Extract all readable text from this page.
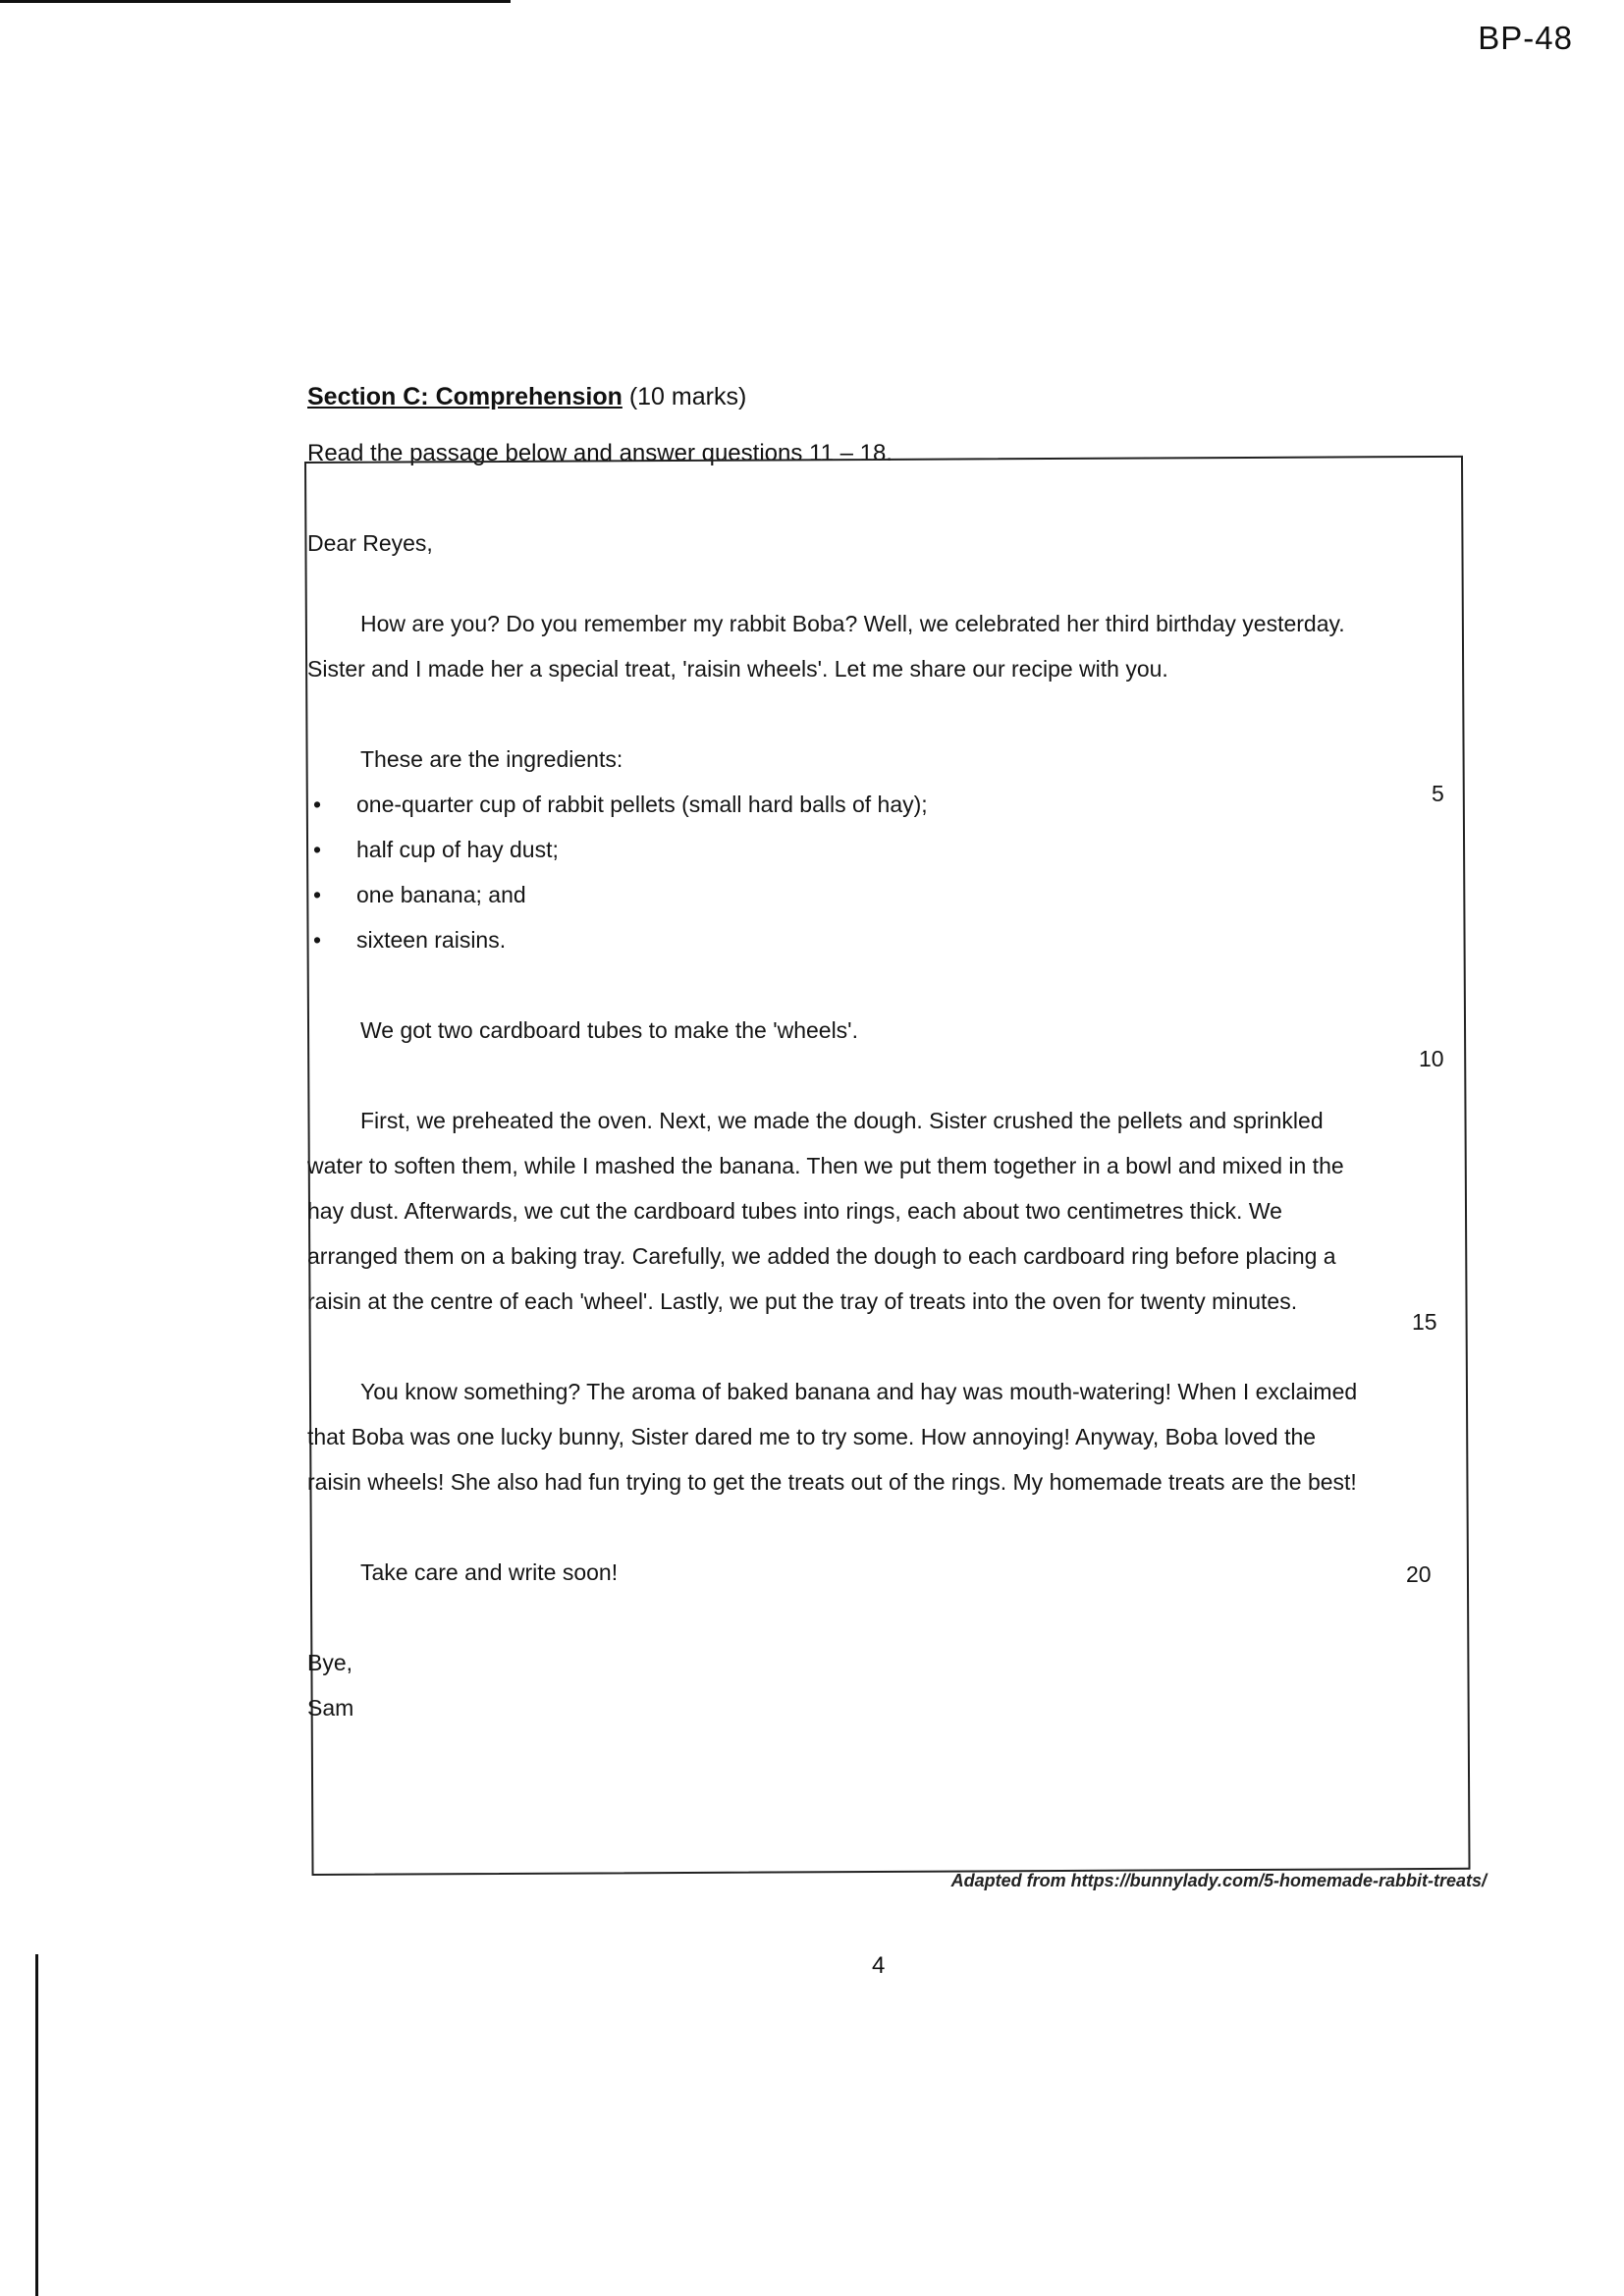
BP-48
Section C: Comprehension (10 marks)
Read the passage below and answer questions 11 – 18.

Dear Reyes,

How are you? Do you remember my rabbit Boba? Well, we celebrated her third birthday yesterday. Sister and I made her a special treat, 'raisin wheels'. Let me share our recipe with you.

These are the ingredients:

• one-quarter cup of rabbit pellets (small hard balls of hay);
• half cup of hay dust;
• one banana; and
• sixteen raisins.

We got two cardboard tubes to make the 'wheels'.

First, we preheated the oven. Next, we made the dough. Sister crushed the pellets and sprinkled water to soften them, while I mashed the banana. Then we put them together in a bowl and mixed in the hay dust. Afterwards, we cut the cardboard tubes into rings, each about two centimetres thick. We arranged them on a baking tray. Carefully, we added the dough to each cardboard ring before placing a raisin at the centre of each 'wheel'. Lastly, we put the tray of treats into the oven for twenty minutes.

You know something? The aroma of baked banana and hay was mouth-watering! When I exclaimed that Boba was one lucky bunny, Sister dared me to try some. How annoying! Anyway, Boba loved the raisin wheels! She also had fun trying to get the treats out of the rings. My homemade treats are the best!

Take care and write soon!

Bye,

Sam

5
10
15
20
Adapted from https://bunnylady.com/5-homemade-rabbit-treats/
4
